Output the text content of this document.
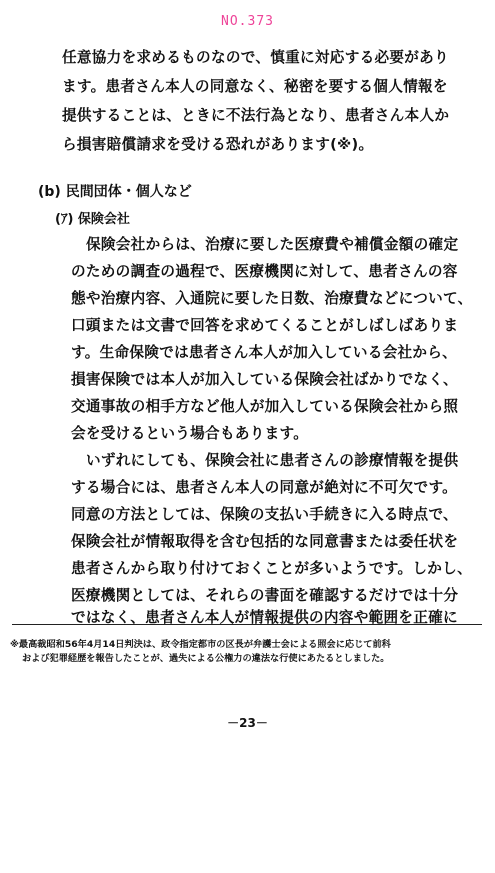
NO.373
任意協力を求めるものなので、慎重に対応する必要があり
ます。患者さん本人の同意なく、秘密を要する個人情報を
提供することは、ときに不法行為となり、患者さん本人か
ら損害賠償請求を受ける恐れがあります(※)。
(b) 民間団体・個人など
(ｱ) 保険会社
保険会社からは、治療に要した医療費や補償金額の確定
のための調査の過程で、医療機関に対して、患者さんの容
態や治療内容、入通院に要した日数、治療費などについて、
口頭または文書で回答を求めてくることがしばしばありま
す。生命保険では患者さん本人が加入している会社から、
損害保険では本人が加入している保険会社ばかりでなく、
交通事故の相手方など他人が加入している保険会社から照
会を受けるという場合もあります。
いずれにしても、保険会社に患者さんの診療情報を提供
する場合には、患者さん本人の同意が絶対に不可欠です。
同意の方法としては、保険の支払い手続きに入る時点で、
保険会社が情報取得を含む包括的な同意書または委任状を
患者さんから取り付けておくことが多いようです。しかし、
医療機関としては、それらの書面を確認するだけでは十分
ではなく、患者さん本人が情報提供の内容や範囲を正確に
※最高裁昭和56年4月14日判決は、政令指定都市の区長が弁護士会による照会に応じて前科
および犯罪経歴を報告したことが、過失による公権力の違法な行使にあたるとしました。
－23－
